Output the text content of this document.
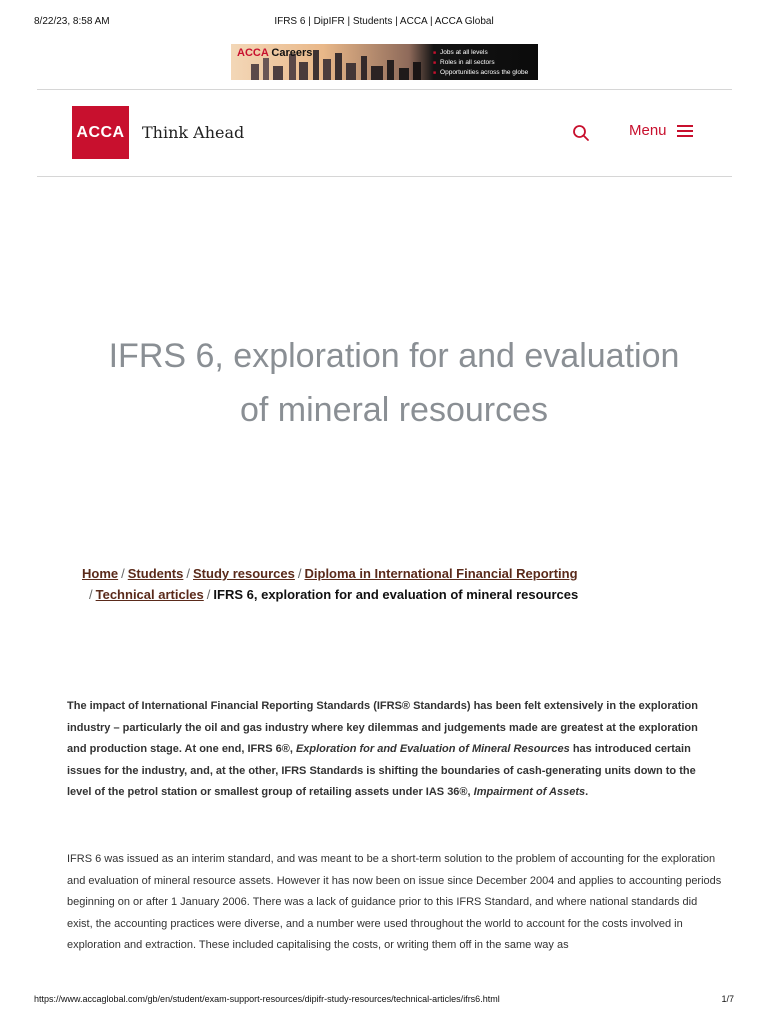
8/22/23, 8:58 AM	IFRS 6 | DipIFR | Students | ACCA | ACCA Global
ACCA Careers
■	Jobs at all levels
■ Roles in all sectors
■ Opportunities across the globe
ACCA Think Ahead	Menu
IFRS 6, exploration for and evaluation
of mineral resources
Home / Students / Study resources / Diploma in International Financial Reporting
/ Technical articles / IFRS 6, exploration for and evaluation of mineral resources

The impact of International Financial Reporting Standards (IFRS® Standards) has been felt extensively in the exploration industry – particularly the oil and gas industry where key dilemmas and judgements made are greatest at the exploration and production stage. At one end, IFRS 6®, Exploration for and Evaluation of Mineral Resources has introduced certain issues for the industry, and, at the other, IFRS Standards is shifting the boundaries of cash-generating units down to the level of the petrol station or smallest group of retailing assets under IAS 36®, Impairment of Assets.

IFRS 6 was issued as an interim standard, and was meant to be a short-term solution to the problem of accounting for the exploration and evaluation of mineral resource assets. However it has now been on issue since December 2004 and applies to accounting periods beginning on or after 1 January 2006. There was a lack of guidance prior to this IFRS Standard, and where national standards did exist, the accounting practices were diverse, and a number were used throughout the world to account for the costs involved in exploration and extraction. These included capitalising the costs, or writing them off in the same way as

https://www.accaglobal.com/gb/en/student/exam-support-resources/dipifr-study-resources/technical-articles/ifrs6.html	1/7
